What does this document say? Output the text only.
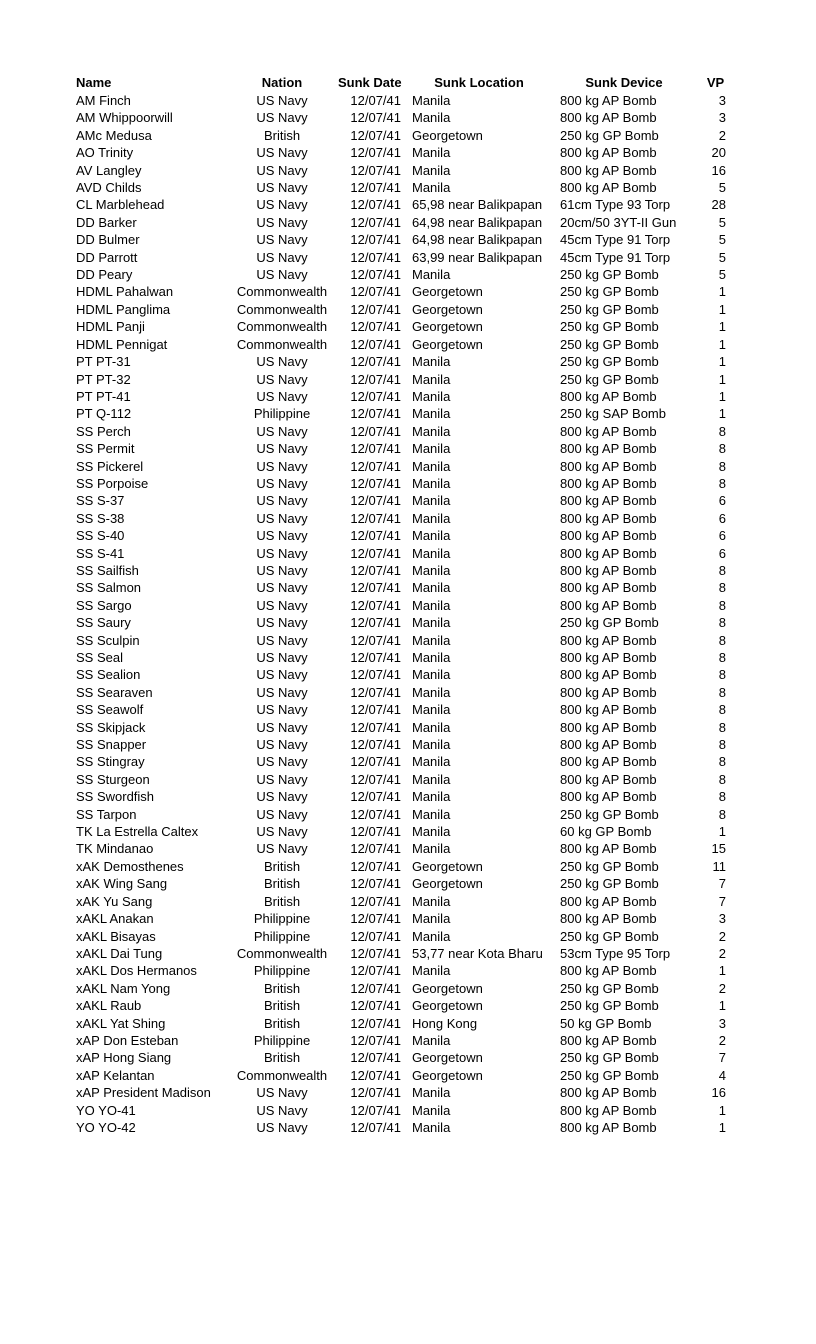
Name	Nation	Sunk Date	Sunk Location	Sunk Device	VP
AM Finch	US Navy	12/07/41	Manila	800 kg AP Bomb	3
AM Whippoorwill	US Navy	12/07/41	Manila	800 kg AP Bomb	3
AMc Medusa	British	12/07/41	Georgetown	250 kg GP Bomb	2
AO Trinity	US Navy	12/07/41	Manila	800 kg AP Bomb	20
AV Langley	US Navy	12/07/41	Manila	800 kg AP Bomb	16
AVD Childs	US Navy	12/07/41	Manila	800 kg AP Bomb	5
CL Marblehead	US Navy	12/07/41	65,98 near Balikpapan	61cm Type 93 Torp	28
DD Barker	US Navy	12/07/41	64,98 near Balikpapan	20cm/50 3YT-II Gun	5
DD Bulmer	US Navy	12/07/41	64,98 near Balikpapan	45cm Type 91 Torp	5
DD Parrott	US Navy	12/07/41	63,99 near Balikpapan	45cm Type 91 Torp	5
DD Peary	US Navy	12/07/41	Manila	250 kg GP Bomb	5
HDML Pahalwan	Commonwealth	12/07/41	Georgetown	250 kg GP Bomb	1
HDML Panglima	Commonwealth	12/07/41	Georgetown	250 kg GP Bomb	1
HDML Panji	Commonwealth	12/07/41	Georgetown	250 kg GP Bomb	1
HDML Pennigat	Commonwealth	12/07/41	Georgetown	250 kg GP Bomb	1
PT PT-31	US Navy	12/07/41	Manila	250 kg GP Bomb	1
PT PT-32	US Navy	12/07/41	Manila	250 kg GP Bomb	1
PT PT-41	US Navy	12/07/41	Manila	800 kg AP Bomb	1
PT Q-112	Philippine	12/07/41	Manila	250 kg SAP Bomb	1
SS Perch	US Navy	12/07/41	Manila	800 kg AP Bomb	8
SS Permit	US Navy	12/07/41	Manila	800 kg AP Bomb	8
SS Pickerel	US Navy	12/07/41	Manila	800 kg AP Bomb	8
SS Porpoise	US Navy	12/07/41	Manila	800 kg AP Bomb	8
SS S-37	US Navy	12/07/41	Manila	800 kg AP Bomb	6
SS S-38	US Navy	12/07/41	Manila	800 kg AP Bomb	6
SS S-40	US Navy	12/07/41	Manila	800 kg AP Bomb	6
SS S-41	US Navy	12/07/41	Manila	800 kg AP Bomb	6
SS Sailfish	US Navy	12/07/41	Manila	800 kg AP Bomb	8
SS Salmon	US Navy	12/07/41	Manila	800 kg AP Bomb	8
SS Sargo	US Navy	12/07/41	Manila	800 kg AP Bomb	8
SS Saury	US Navy	12/07/41	Manila	250 kg GP Bomb	8
SS Sculpin	US Navy	12/07/41	Manila	800 kg AP Bomb	8
SS Seal	US Navy	12/07/41	Manila	800 kg AP Bomb	8
SS Sealion	US Navy	12/07/41	Manila	800 kg AP Bomb	8
SS Searaven	US Navy	12/07/41	Manila	800 kg AP Bomb	8
SS Seawolf	US Navy	12/07/41	Manila	800 kg AP Bomb	8
SS Skipjack	US Navy	12/07/41	Manila	800 kg AP Bomb	8
SS Snapper	US Navy	12/07/41	Manila	800 kg AP Bomb	8
SS Stingray	US Navy	12/07/41	Manila	800 kg AP Bomb	8
SS Sturgeon	US Navy	12/07/41	Manila	800 kg AP Bomb	8
SS Swordfish	US Navy	12/07/41	Manila	800 kg AP Bomb	8
SS Tarpon	US Navy	12/07/41	Manila	250 kg GP Bomb	8
TK La Estrella Caltex	US Navy	12/07/41	Manila	60 kg GP Bomb	1
TK Mindanao	US Navy	12/07/41	Manila	800 kg AP Bomb	15
xAK Demosthenes	British	12/07/41	Georgetown	250 kg GP Bomb	11
xAK Wing Sang	British	12/07/41	Georgetown	250 kg GP Bomb	7
xAK Yu Sang	British	12/07/41	Manila	800 kg AP Bomb	7
xAKL Anakan	Philippine	12/07/41	Manila	800 kg AP Bomb	3
xAKL Bisayas	Philippine	12/07/41	Manila	250 kg GP Bomb	2
xAKL Dai Tung	Commonwealth	12/07/41	53,77 near Kota Bharu	53cm Type 95 Torp	2
xAKL Dos Hermanos	Philippine	12/07/41	Manila	800 kg AP Bomb	1
xAKL Nam Yong	British	12/07/41	Georgetown	250 kg GP Bomb	2
xAKL Raub	British	12/07/41	Georgetown	250 kg GP Bomb	1
xAKL Yat Shing	British	12/07/41	Hong Kong	50 kg GP Bomb	3
xAP Don Esteban	Philippine	12/07/41	Manila	800 kg AP Bomb	2
xAP Hong Siang	British	12/07/41	Georgetown	250 kg GP Bomb	7
xAP Kelantan	Commonwealth	12/07/41	Georgetown	250 kg GP Bomb	4
xAP President Madison	US Navy	12/07/41	Manila	800 kg AP Bomb	16
YO YO-41	US Navy	12/07/41	Manila	800 kg AP Bomb	1
YO YO-42	US Navy	12/07/41	Manila	800 kg AP Bomb	1
